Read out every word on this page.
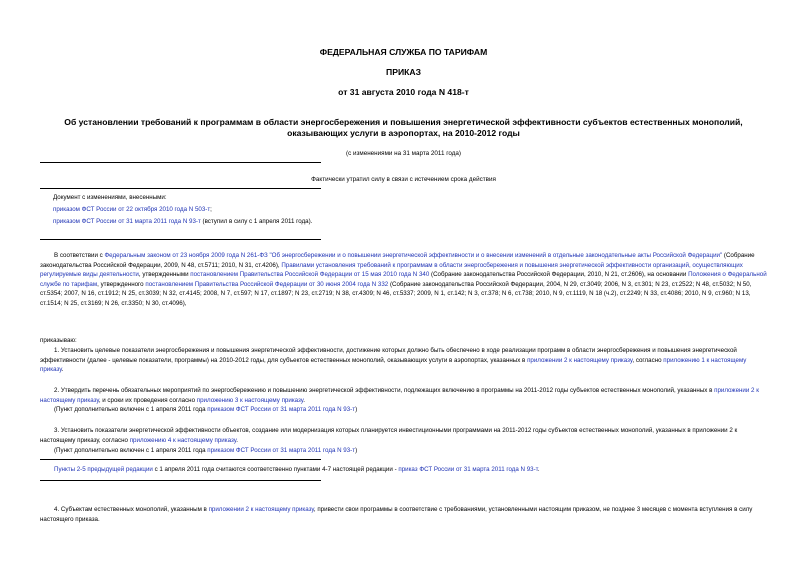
ФЕДЕРАЛЬНАЯ СЛУЖБА ПО ТАРИФАМ
ПРИКАЗ
от 31 августа 2010 года N 418-т
Об установлении требований к программам в области энергосбережения и повышения энергетической эффективности субъектов естественных монополий, оказывающих услуги в аэропортах, на 2010-2012 годы
(с изменениями на 31 марта 2011 года)
Фактически утратил силу в связи с истечением срока действия
Документ с изменениями, внесенными:
приказом ФСТ России от 22 октября 2010 года N 503-т;
приказом ФСТ России от 31 марта 2011 года N 93-т (вступил в силу с 1 апреля 2011 года).
В соответствии с Федеральным законом от 23 ноября 2009 года N 261-ФЗ "Об энергосбережении и о повышении энергетической эффективности и о внесении изменений в отдельные законодательные акты Российской Федерации" (Собрание законодательства Российской Федерации, 2009, N 48, ст.5711; 2010, N 31, ст.4206), Правилами установления требований к программам в области энергосбережения и повышения энергетической эффективности организаций, осуществляющих регулируемые виды деятельности, утвержденными постановлением Правительства Российской Федерации от 15 мая 2010 года N 340 (Собрание законодательства Российской Федерации, 2010, N 21, ст.2606), на основании Положения о Федеральной службе по тарифам, утвержденного постановлением Правительства Российской Федерации от 30 июня 2004 года N 332 (Собрание законодательства Российской Федерации, 2004, N 29, ст.3049; 2006, N 3, ст.301; N 23, ст.2522; N 48, ст.5032; N 50, ст.5354; 2007, N 16, ст.1912; N 25, ст.3039; N 32, ст.4145; 2008, N 7, ст.597; N 17, ст.1897; N 23, ст.2719; N 38, ст.4309; N 46, ст.5337; 2009, N 1, ст.142; N 3, ст.378; N 6, ст.738; 2010, N 9, ст.1119, N 18 (ч.2), ст.2249; N 33, ст.4086; 2010, N 9, ст.960; N 13, ст.1514; N 25, ст.3169; N 26, ст.3350; N 30, ст.4096),
приказываю:
1. Установить целевые показатели энергосбережения и повышения энергетической эффективности, достижение которых должно быть обеспечено в ходе реализации программ в области энергосбережения и повышения энергетической эффективности (далее - целевые показатели, программы) на 2010-2012 годы, для субъектов естественных монополий, оказывающих услуги в аэропортах, указанных в приложении 2 к настоящему приказу, согласно приложению 1 к настоящему приказу.
2. Утвердить перечень обязательных мероприятий по энергосбережению и повышению энергетической эффективности, подлежащих включению в программы на 2011-2012 годы субъектов естественных монополий, указанных в приложении 2 к настоящему приказу, и сроки их проведения согласно приложению 3 к настоящему приказу.
(Пункт дополнительно включен с 1 апреля 2011 года приказом ФСТ России от 31 марта 2011 года N 93-т)
3. Установить показатели энергетической эффективности объектов, создание или модернизация которых планируется инвестиционными программами на 2011-2012 годы субъектов естественных монополий, указанных в приложении 2 к настоящему приказу, согласно приложению 4 к настоящему приказу.
(Пункт дополнительно включен с 1 апреля 2011 года приказом ФСТ России от 31 марта 2011 года N 93-т)
Пункты 2-5 предыдущей редакции с 1 апреля 2011 года считаются соответственно пунктами 4-7 настоящей редакции - приказ ФСТ России от 31 марта 2011 года N 93-т.
4. Субъектам естественных монополий, указанным в приложении 2 к настоящему приказу, привести свои программы в соответствие с требованиями, установленными настоящим приказом, не позднее 3 месяцев с момента вступления в силу настоящего приказа.
